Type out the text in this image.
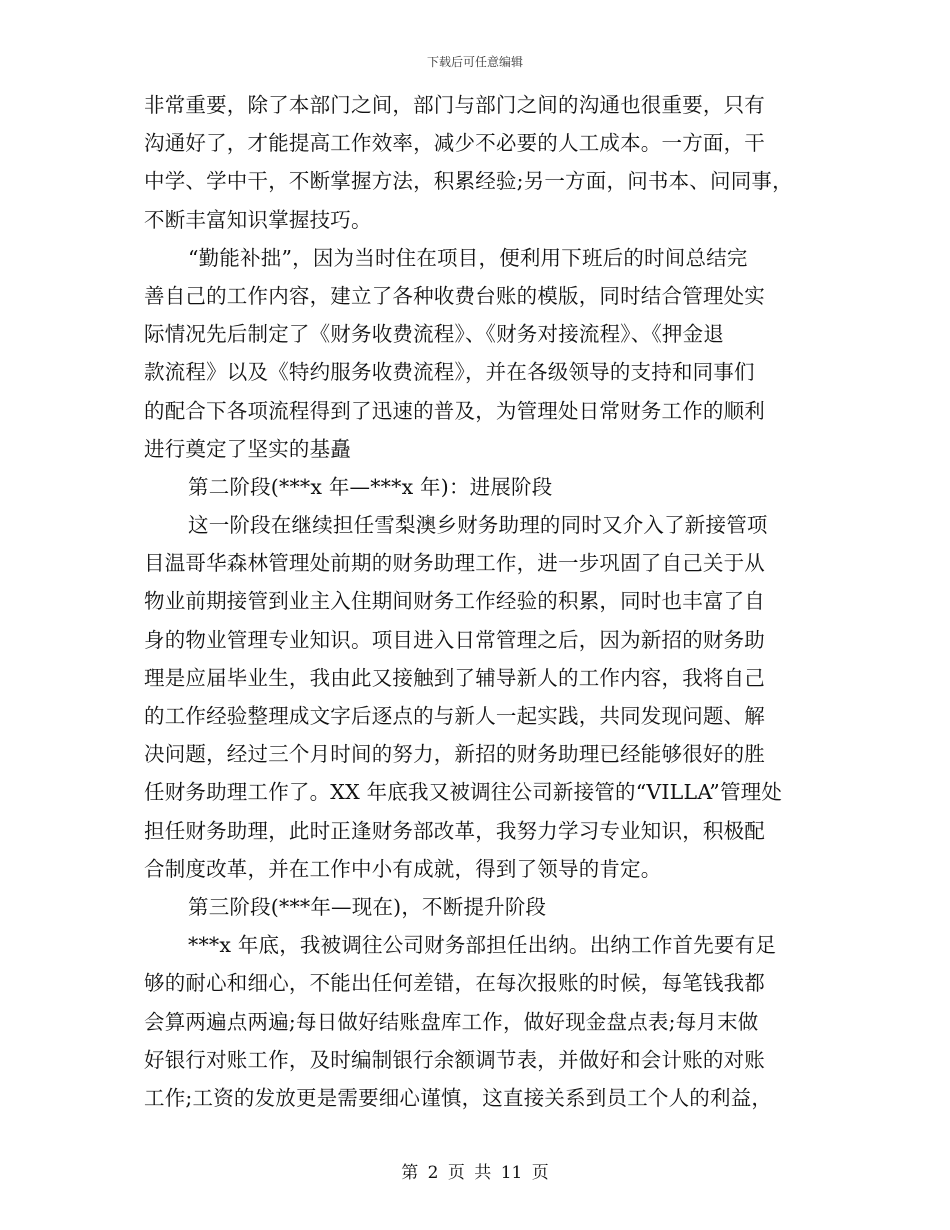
下载后可任意编辑
非常重要，除了本部门之间，部门与部门之间的沟通也很重要，只有
沟通好了，才能提高工作效率，减少不必要的人工成本。一方面，干
中学、学中干，不断掌握方法，积累经验;另一方面，问书本、问同事，
不断丰富知识掌握技巧。
“勤能补拙”，因为当时住在项目，便利用下班后的时间总结完
善自己的工作内容，建立了各种收费台账的模版，同时结合管理处实
际情况先后制定了《财务收费流程》、《财务对接流程》、《押金退
款流程》以及《特约服务收费流程》，并在各级领导的支持和同事们
的配合下各项流程得到了迅速的普及，为管理处日常财务工作的顺利
进行奠定了坚实的基矗
第二阶段(***x 年—***x 年)：进展阶段
这一阶段在继续担任雪梨澳乡财务助理的同时又介入了新接管项
目温哥华森林管理处前期的财务助理工作，进一步巩固了自己关于从
物业前期接管到业主入住期间财务工作经验的积累，同时也丰富了自
身的物业管理专业知识。项目进入日常管理之后，因为新招的财务助
理是应届毕业生，我由此又接触到了辅导新人的工作内容，我将自己
的工作经验整理成文字后逐点的与新人一起实践，共同发现问题、解
决问题，经过三个月时间的努力，新招的财务助理已经能够很好的胜
任财务助理工作了。XX 年底我又被调往公司新接管的“VILLA”管理处
担任财务助理，此时正逢财务部改革，我努力学习专业知识，积极配
合制度改革，并在工作中小有成就，得到了领导的肯定。
第三阶段(***年—现在)，不断提升阶段
***x 年底，我被调往公司财务部担任出纳。出纳工作首先要有足
够的耐心和细心，不能出任何差错，在每次报账的时候，每笔钱我都
会算两遍点两遍;每日做好结账盘库工作，做好现金盘点表;每月末做
好银行对账工作，及时编制银行余额调节表，并做好和会计账的对账
工作;工资的发放更是需要细心谨慎，这直接关系到员工个人的利益，
第 2 页 共 11 页
